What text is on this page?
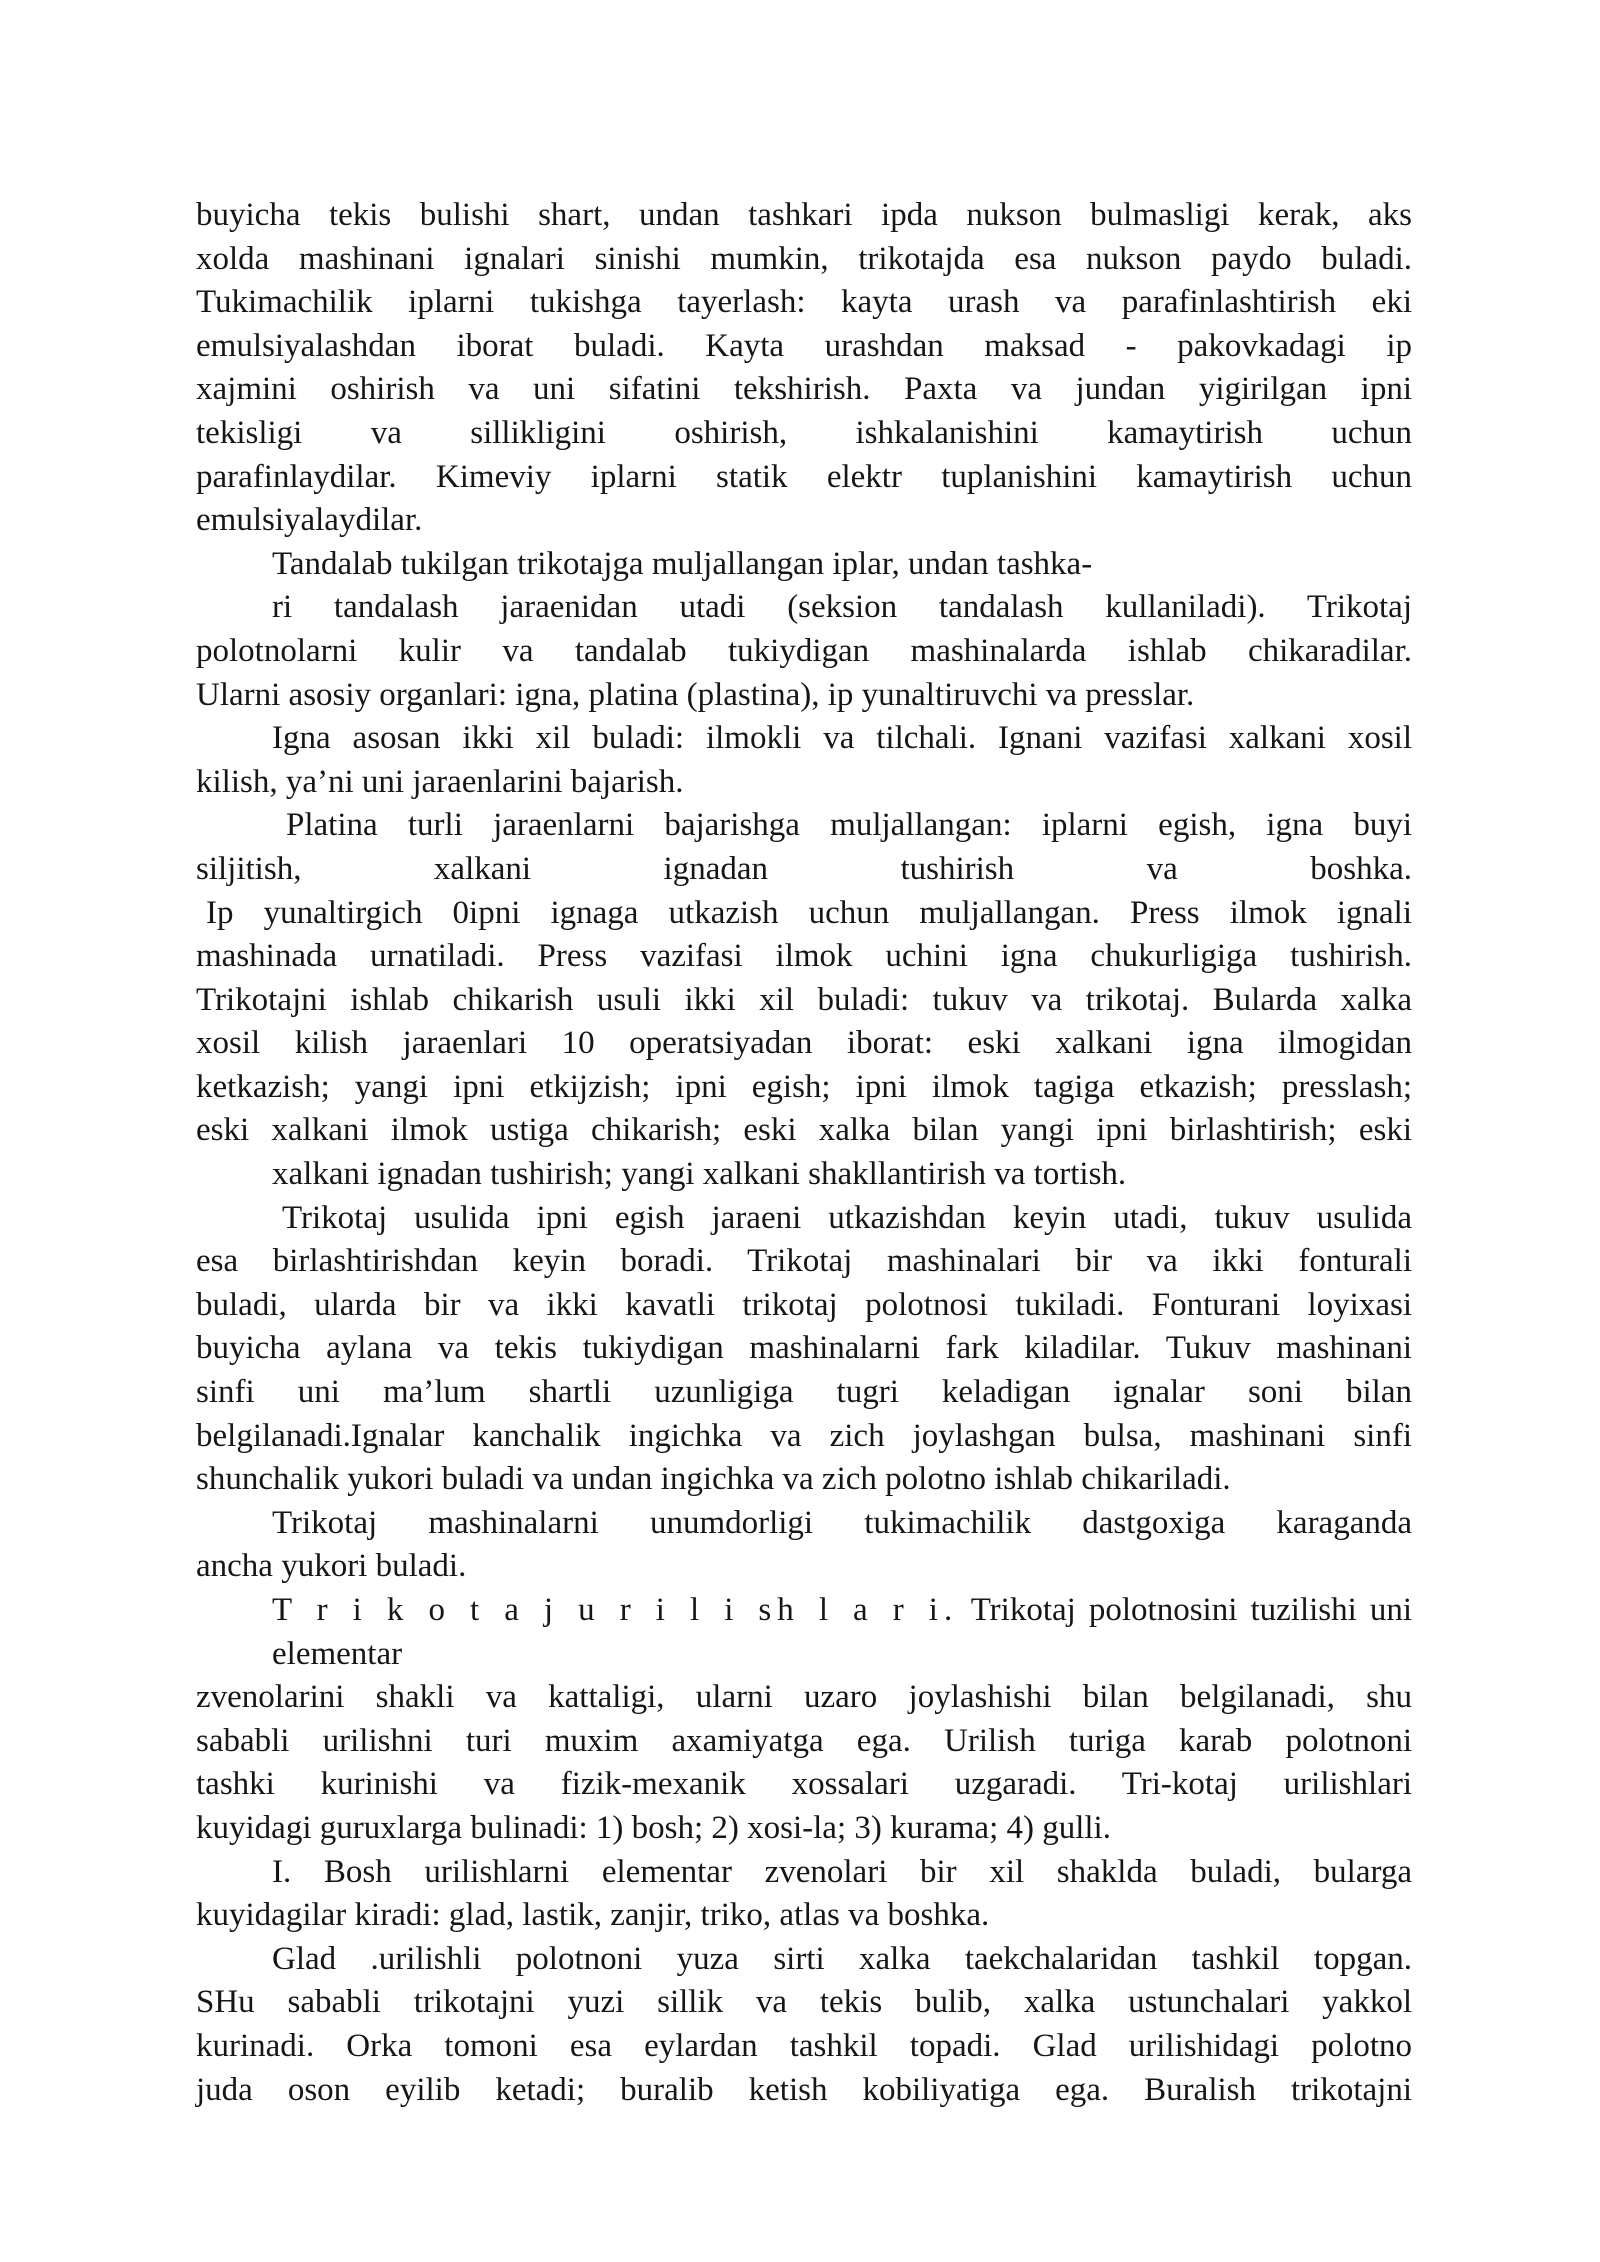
buyicha tekis bulishi shart, undan tashkari ipda nukson bulmasligi kerak, aks
xolda mashinani ignalari sinishi mumkin, trikotajda esa nukson paydo buladi.
Tukimachilik iplarni tukishga tayerlash: kayta urash va parafinlashtirish eki
emulsiyalashdan iborat buladi. Kayta urashdan maksad - pakovkadagi ip
xajmini oshirish va uni sifatini tekshirish. Paxta va jundan yigirilgan ipni
tekisligi va sillikligini oshirish, ishkalanishini kamaytirish uchun
parafinlaydilar. Kimeviy iplarni statik elektr tuplanishini kamaytirish uchun
emulsiyalaydilar.
Tandalab tukilgan trikotajga muljallangan iplar, undan tashka-
ri tandalash jaraenidan utadi (seksion tandalash kullaniladi). Trikotaj
polotnolarni kulir va tandalab tukiydigan mashinalarda ishlab chikaradilar.
Ularni asosiy organlari: igna, platina (plastina), ip yunaltiruvchi va presslar.
Igna asosan ikki xil buladi: ilmokli va tilchali. Ignani vazifasi xalkani xosil
kilish, ya’ni uni jaraenlarini bajarish.
Platina turli jaraenlarni bajarishga muljallangan: iplarni egish, igna buyi
siljitish, xalkani ignadan tushirish va boshka.
Ip yunaltirgich 0ipni ignaga utkazish uchun muljallangan. Press ilmok ignali
mashinada urnatiladi. Press vazifasi ilmok uchini igna chukurligiga tushirish.
Trikotajni ishlab chikarish usuli ikki xil buladi: tukuv va trikotaj. Bularda xalka
xosil kilish jaraenlari 10 operatsiyadan iborat: eski xalkani igna ilmogidan
ketkazish; yangi ipni etkijzish; ipni egish; ipni ilmok tagiga etkazish; presslash;
eski xalkani ilmok ustiga chikarish; eski xalka bilan yangi ipni birlashtirish; eski
xalkani ignadan tushirish; yangi xalkani shakllantirish va tortish.
Trikotaj usulida ipni egish jaraeni utkazishdan keyin utadi, tukuv usulida
esa birlashtirishdan keyin boradi. Trikotaj mashinalari bir va ikki fonturali
buladi, ularda bir va ikki kavatli trikotaj polotnosi tukiladi. Fonturani loyixasi
buyicha aylana va tekis tukiydigan mashinalarni fark kiladilar. Tukuv mashinani
sinfi uni ma’lum shartli uzunligiga tugri keladigan ignalar soni bilan
belgilanadi.Ignalar kanchalik ingichka va zich joylashgan bulsa, mashinani sinfi
shunchalik yukori buladi va undan ingichka va zich polotno ishlab chikariladi.
Trikotaj mashinalarni unumdorligi tukimachilik dastgoxiga karaganda
ancha yukori buladi.
T r i k o t a j u r i l i sh l a r i. Trikotaj polotnosini tuzilishi uni elementar
zvenolarini shakli va kattaligi, ularni uzaro joylashishi bilan belgilanadi, shu
sababli urilishni turi muxim axamiyatga ega. Urilish turiga karab polotnoni
tashki kurinishi va fizik-mexanik xossalari uzgaradi. Tri-kotaj urilishlari
kuyidagi guruxlarga bulinadi: 1) bosh; 2) xosi-la; 3) kurama; 4) gulli.
I. Bosh urilishlarni elementar zvenolari bir xil shaklda buladi, bularga
kuyidagilar kiradi: glad, lastik, zanjir, triko, atlas va boshka.
Glad .urilishli polotnoni yuza sirti xalka taekchalaridan tashkil topgan.
SHu sababli trikotajni yuzi sillik va tekis bulib, xalka ustunchalari yakkol
kurinadi. Orka tomoni esa eylardan tashkil topadi. Glad urilishidagi polotno
juda oson eyilib ketadi; buralib ketish kobiliyatiga ega. Buralish trikotajni
